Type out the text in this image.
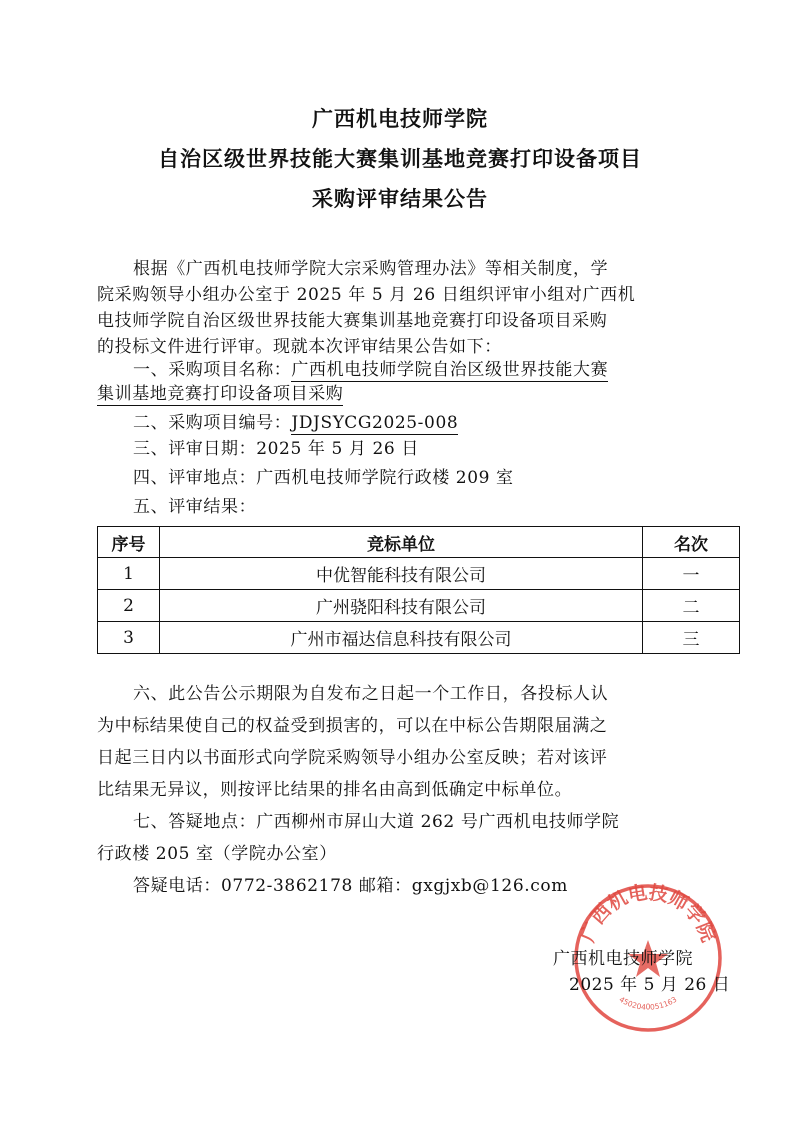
广西机电技师学院
自治区级世界技能大赛集训基地竞赛打印设备项目
采购评审结果公告
根据《广西机电技师学院大宗采购管理办法》等相关制度，学
院采购领导小组办公室于 2025 年 5 月 26 日组织评审小组对广西机
电技师学院自治区级世界技能大赛集训基地竞赛打印设备项目采购
的投标文件进行评审。现就本次评审结果公告如下：
一、采购项目名称：广西机电技师学院自治区级世界技能大赛
集训基地竞赛打印设备项目采购
二、采购项目编号：JDJSYCG2025-008
三、评审日期：2025 年 5 月 26 日
四、评审地点：广西机电技师学院行政楼 209 室
五、评审结果：
序号	竞标单位	名次
1	中优智能科技有限公司	一
2	广州骁阳科技有限公司	二
3	广州市福达信息科技有限公司	三
六、此公告公示期限为自发布之日起一个工作日，各投标人认
为中标结果使自己的权益受到损害的，可以在中标公告期限届满之
日起三日内以书面形式向学院采购领导小组办公室反映；若对该评
比结果无异议，则按评比结果的排名由高到低确定中标单位。
七、答疑地点：广西柳州市屏山大道 262 号广西机电技师学院
行政楼 205 室（学院办公室）
答疑电话：0772-3862178 邮箱：gxgjxb@126.com
广西机电技师学院
4502040051163
广西机电技师学院
2025 年 5 月 26 日
